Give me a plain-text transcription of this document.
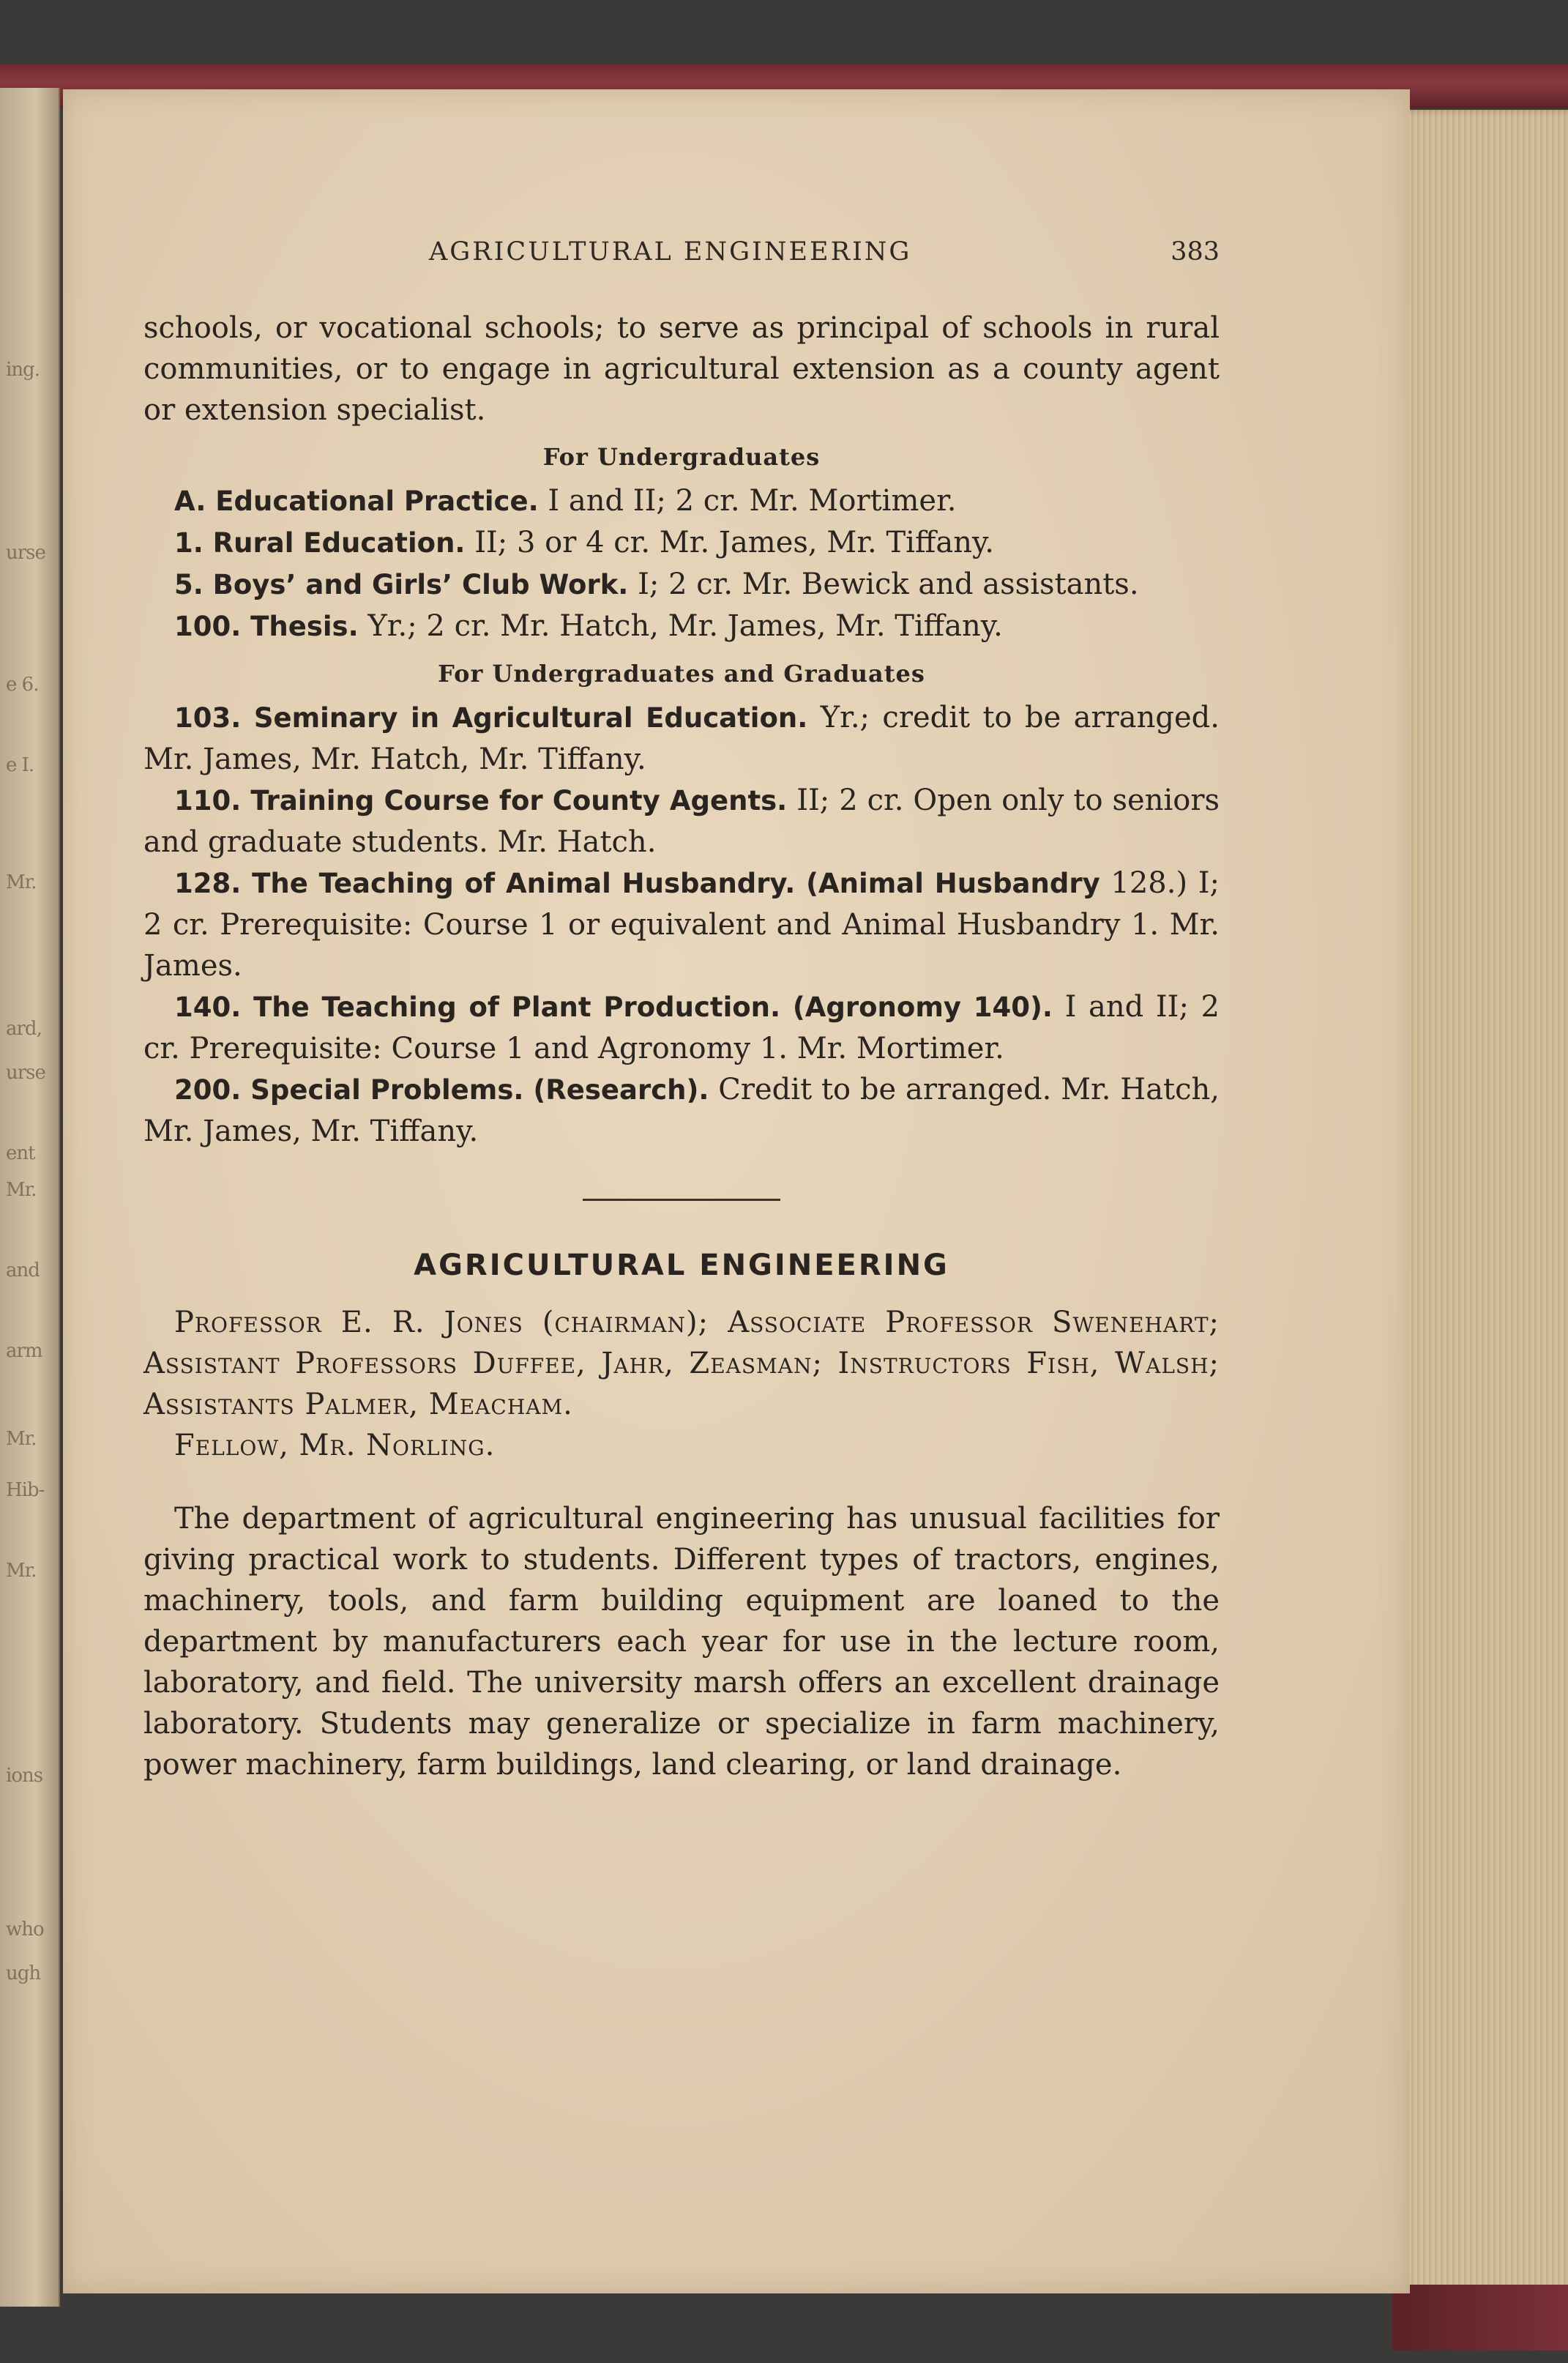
ing.
urse
e 6.
e I.
Mr.
ard,
urse
ent
Mr.
and
arm
Mr.
Hib-
Mr.
ions
who
ugh
AGRICULTURAL ENGINEERING	383

schools, or vocational schools; to serve as principal of schools in rural communities, or to engage in agricultural extension as a county agent or extension specialist.

For Undergraduates

A. Educational Practice. I and II; 2 cr. Mr. Mortimer.

1. Rural Education. II; 3 or 4 cr. Mr. James, Mr. Tiffany.

5. Boys’ and Girls’ Club Work. I; 2 cr. Mr. Bewick and assistants.

100. Thesis. Yr.; 2 cr. Mr. Hatch, Mr. James, Mr. Tiffany.

For Undergraduates and Graduates

103. Seminary in Agricultural Education. Yr.; credit to be arranged. Mr. James, Mr. Hatch, Mr. Tiffany.

110. Training Course for County Agents. II; 2 cr. Open only to seniors and graduate students. Mr. Hatch.

128. The Teaching of Animal Husbandry. (Animal Husbandry 128.) I; 2 cr. Prerequisite: Course 1 or equivalent and Animal Husbandry 1. Mr. James.

140. The Teaching of Plant Production. (Agronomy 140). I and II; 2 cr. Prerequisite: Course 1 and Agronomy 1. Mr. Mortimer.

200. Special Problems. (Research). Credit to be arranged. Mr. Hatch, Mr. James, Mr. Tiffany.

AGRICULTURAL ENGINEERING

Professor E. R. Jones (chairman); Associate Professor Swenehart; Assistant Professors Duffee, Jahr, Zeasman; Instructors Fish, Walsh; Assistants Palmer, Meacham.

Fellow, Mr. Norling.

The department of agricultural engineering has unusual facilities for giving practical work to students. Different types of tractors, engines, machinery, tools, and farm building equipment are loaned to the department by manufacturers each year for use in the lecture room, laboratory, and field. The university marsh offers an excellent drainage laboratory. Students may generalize or specialize in farm machinery, power machinery, farm buildings, land clearing, or land drainage.
